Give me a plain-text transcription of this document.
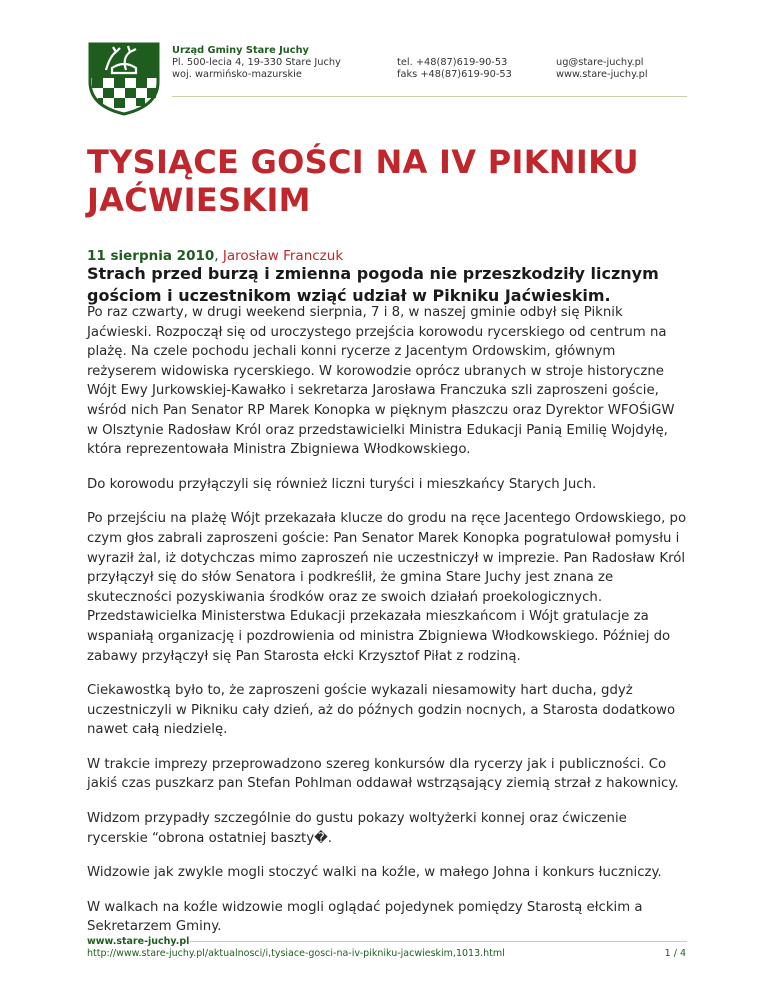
Urząd Gminy Stare Juchy
Pl. 500-lecia 4, 19-330 Stare Juchy
woj. warmińsko-mazurskie
tel. +48(87)619-90-53
faks +48(87)619-90-53
ug@stare-juchy.pl
www.stare-juchy.pl
TYSIĄCE GOŚCI NA IV PIKNIKU JAĆWIESKIM
11 sierpnia 2010, Jarosław Franczuk

Strach przed burzą i zmienna pogoda nie przeszkodziły licznym gościom i uczestnikom wziąć udział w Pikniku Jaćwieskim.

Po raz czwarty, w drugi weekend sierpnia, 7 i 8, w naszej gminie odbył się Piknik Jaćwieski. Rozpoczął się od uroczystego przejścia korowodu rycerskiego od centrum na plażę. Na czele pochodu jechali konni rycerze z Jacentym Ordowskim, głównym reżyserem widowiska rycerskiego. W korowodzie oprócz ubranych w stroje historyczne Wójt Ewy Jurkowskiej-Kawałko i sekretarza Jarosława Franczuka szli zaproszeni goście, wśród nich Pan Senator RP Marek Konopka w pięknym płaszczu oraz Dyrektor WFOŚiGW w Olsztynie Radosław Król oraz przedstawicielki Ministra Edukacji Panią Emilię Wojdyłę, która reprezentowała Ministra Zbigniewa Włodkowskiego.

Do korowodu przyłączyli się również liczni turyści i mieszkańcy Starych Juch.

Po przejściu na plażę Wójt przekazała klucze do grodu na ręce Jacentego Ordowskiego, po czym głos zabrali zaproszeni goście: Pan Senator Marek Konopka pogratulował pomysłu i wyraził żal, iż dotychczas mimo zaproszeń nie uczestniczył w imprezie. Pan Radosław Król przyłączył się do słów Senatora i podkreślił, że gmina Stare Juchy jest znana ze skuteczności pozyskiwania środków oraz ze swoich działań proekologicznych. Przedstawicielka Ministerstwa Edukacji przekazała mieszkańcom i Wójt gratulacje za wspaniałą organizację i pozdrowienia od ministra Zbigniewa Włodkowskiego. Później do zabawy przyłączył się Pan Starosta ełcki Krzysztof Piłat z rodziną.

Ciekawostką było to, że zaproszeni goście wykazali niesamowity hart ducha, gdyż uczestniczyli w Pikniku cały dzień, aż do późnych godzin nocnych, a Starosta dodatkowo nawet całą niedzielę.

W trakcie imprezy przeprowadzono szereg konkursów dla rycerzy jak i publiczności. Co jakiś czas puszkarz pan Stefan Pohlman oddawał wstrząsający ziemią strzał z hakownicy.

Widzom przypadły szczególnie do gustu pokazy woltyżerki konnej oraz ćwiczenie rycerskie “obrona ostatniej baszty�.

Widzowie jak zwykle mogli stoczyć walki na koźle, w małego Johna i konkurs łuczniczy.

W walkach na koźle widzowie mogli oglądać pojedynek pomiędzy Starostą ełckim a Sekretarzem Gminy.

www.stare-juchy.pl
http://www.stare-juchy.pl/aktualnosci/i,tysiace-gosci-na-iv-pikniku-jacwieskim,1013.html	1 / 4
